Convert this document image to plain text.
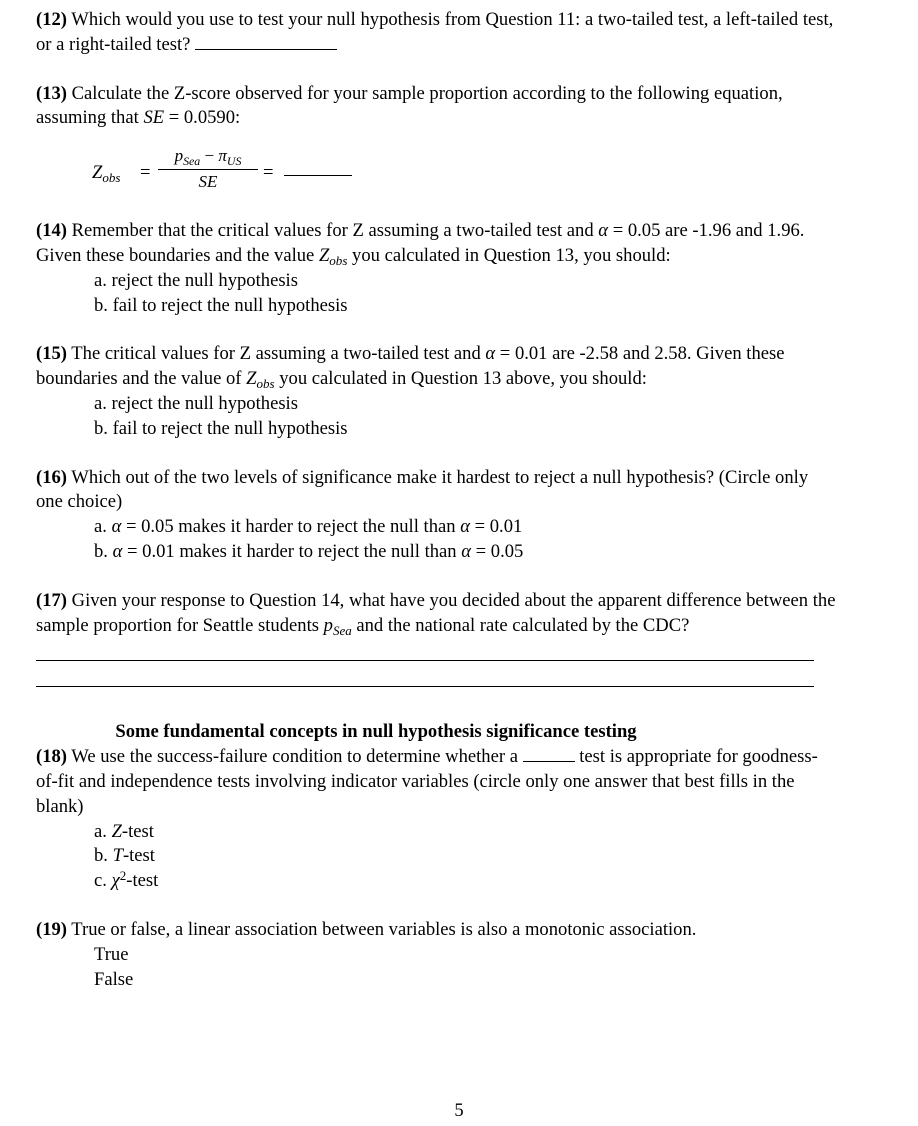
(12) Which would you use to test your null hypothesis from Question 11: a two-tailed test, a left-tailed test, or a right-tailed test?

(13) Calculate the Z-score observed for your sample proportion according to the following equation, assuming that SE = 0.0590:

$Z_{obs}$ =
$p_{Sea} - \pi_{US}$
SE	=

(14) Remember that the critical values for Z assuming a two-tailed test and α = 0.05 are -1.96 and 1.96. Given these boundaries and the value $Z_{obs}$ you calculated in Question 13, you should:

a. reject the null hypothesis
b. fail to reject the null hypothesis

(15) The critical values for Z assuming a two-tailed test and α = 0.01 are -2.58 and 2.58. Given these boundaries and the value of $Z_{obs}$ you calculated in Question 13 above, you should:

a. reject the null hypothesis
b. fail to reject the null hypothesis

(16) Which out of the two levels of significance make it hardest to reject a null hypothesis? (Circle only one choice)

a. α = 0.05 makes it harder to reject the null than α = 0.01
b. α = 0.01 makes it harder to reject the null than α = 0.05

(17) Given your response to Question 14, what have you decided about the apparent difference between the sample proportion for Seattle students $p_{Sea}$ and the national rate calculated by the CDC?

Some fundamental concepts in null hypothesis significance testing

(18) We use the success-failure condition to determine whether a	test is appropriate for goodness-of-fit and independence tests involving indicator variables (circle only one answer that best fills in the blank)

a. Z-test
b. T-test
c. $\chi^2$-test

(19) True or false, a linear association between variables is also a monotonic association.

True
False
5
